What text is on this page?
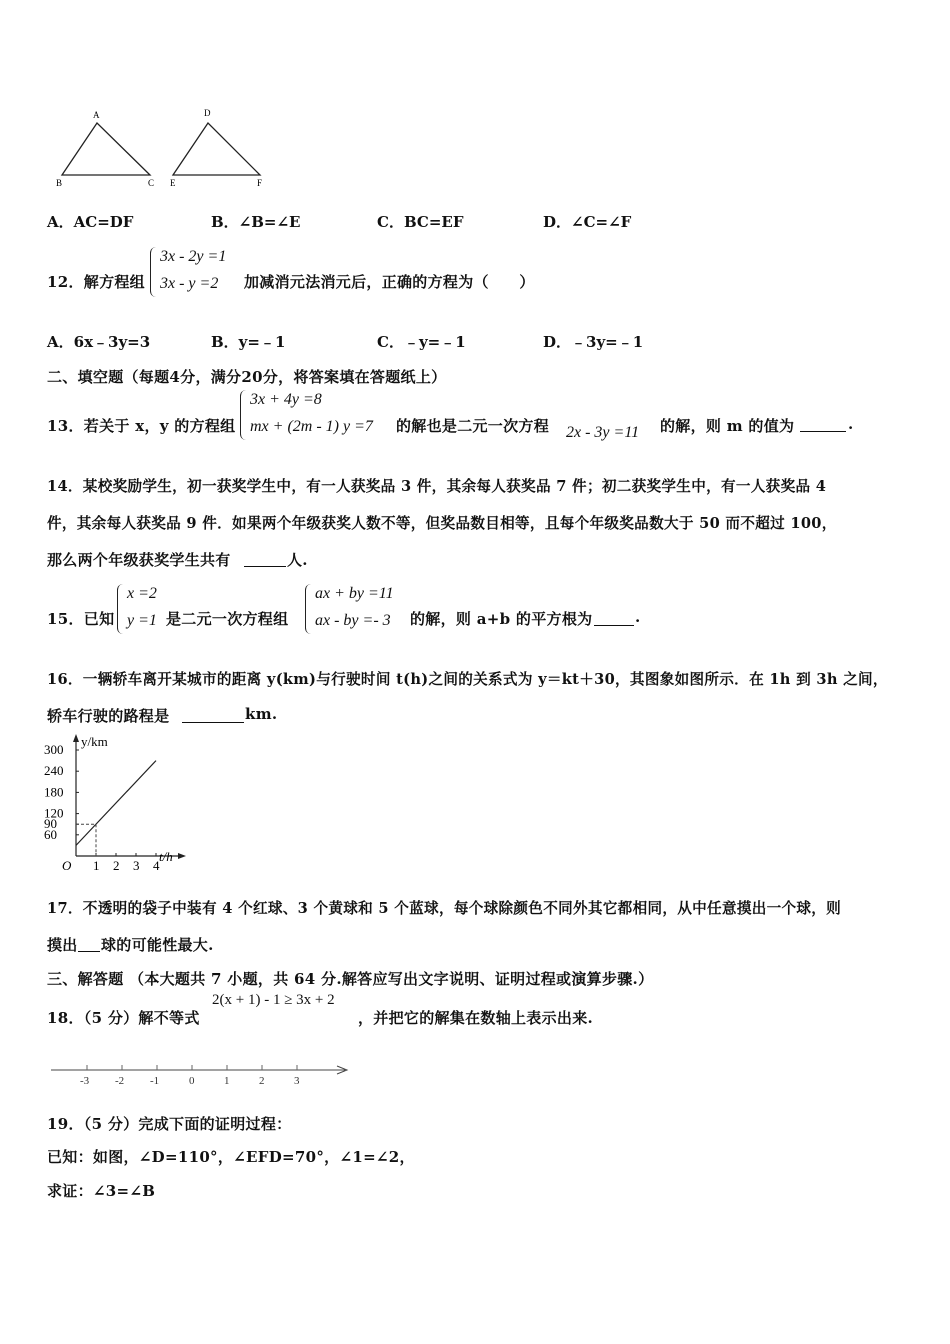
A
B	C
D
E	F
A．AC=DF	B．∠B=∠E	C．BC=EF	D．∠C=∠F
12．解方程组
3x - 2y =1
3x - y =2 加减消元法消元后，正确的方程为（　　）
A．6x﹣3y=3	B．y=﹣1	C．﹣y=﹣1	D．﹣3y=﹣1
二、填空题（每题4分，满分20分，将答案填在答题纸上）
13．若关于 x，y 的方程组
3x + 4y =8
mx + (2m - 1) y =7 的解也是二元一次方程 2x - 3y =11 的解，则 m 的值为	.
14．某校奖励学生，初一获奖学生中，有一人获奖品 3 件，其余每人获奖品 7 件；初二获奖学生中，有一人获奖品 4
件，其余每人获奖品 9 件．如果两个年级获奖人数不等，但奖品数目相等，且每个年级奖品数大于 50 而不超过 100，
那么两个年级获奖学生共有	人.
15．已知
x =2
y =1 是二元一次方程组
ax + by =11
ax - by =- 3 的解，则 a+b 的平方根为	.
16．一辆轿车离开某城市的距离 y(km)与行驶时间 t(h)之间的关系式为 y＝kt＋30，其图象如图所示．在 1h 到 3h 之间，
轿车行驶的路程是	km.
y/km
t/h
O 1 2 3 4
60
90
120
180
240
300
17．不透明的袋子中装有 4 个红球、3 个黄球和 5 个蓝球，每个球除颜色不同外其它都相同，从中任意摸出一个球，则
摸出 球的可能性最大.
三、解答题 （本大题共 7 小题，共 64 分.解答应写出文字说明、证明过程或演算步骤.）
18．（5 分）解不等式
2(x + 1) - 1 ≥ 3x + 2
，并把它的解集在数轴上表示出来.
-3 -2 -1	0	1	2	3
19．（5 分）完成下面的证明过程：
已知：如图，∠D=110°，∠EFD=70°，∠1=∠2，
求证：∠3=∠B
